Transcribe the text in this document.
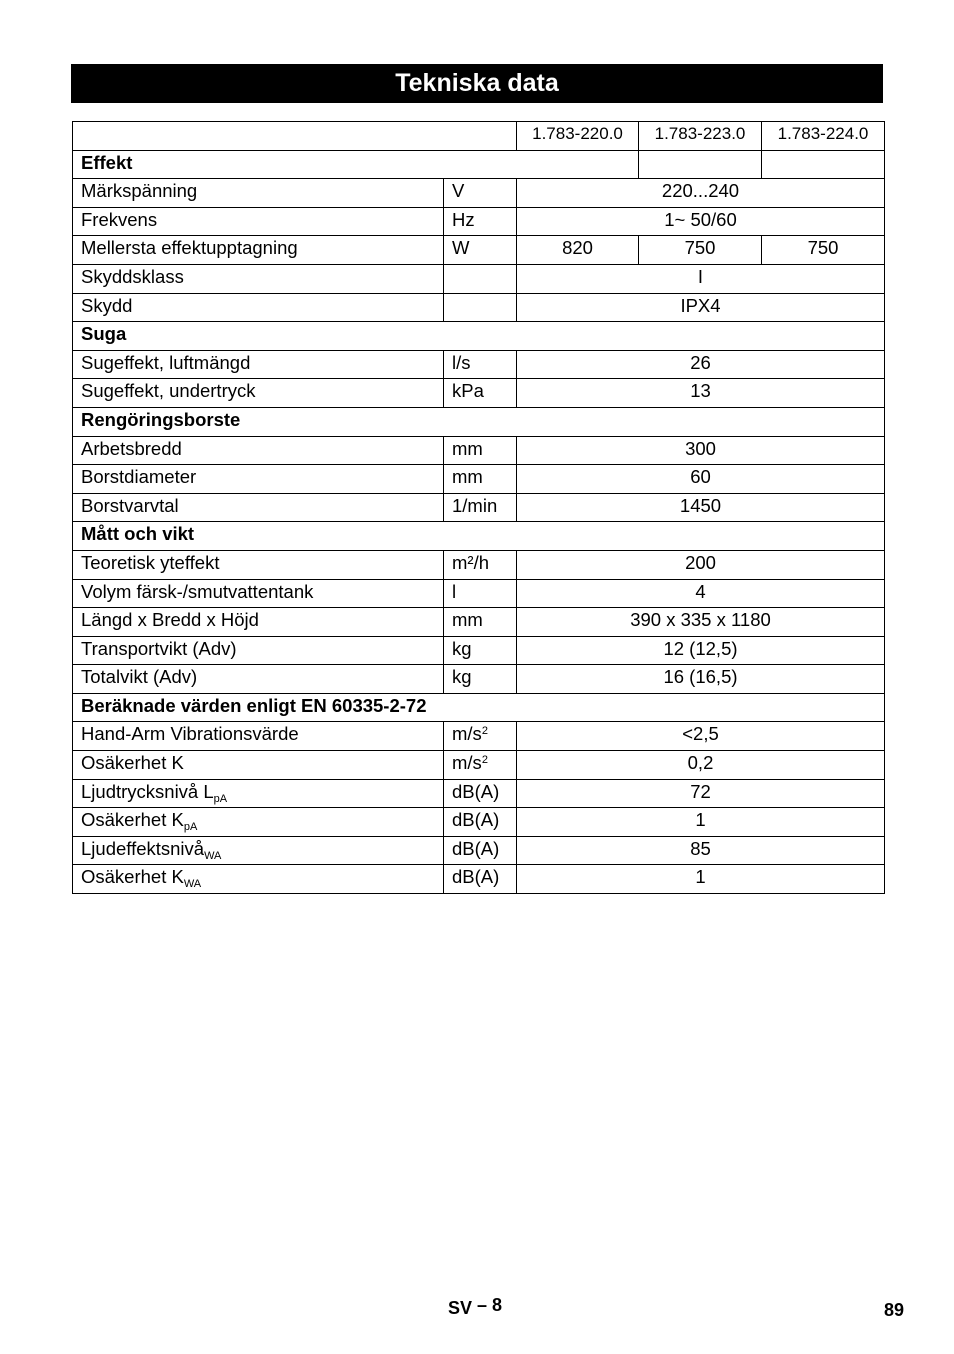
Tekniska data
		1.783-220.0	1.783-223.0	1.783-224.0
Effekt				
Märkspänning	V	220...240		
Frekvens	Hz	1~ 50/60		
Mellersta effektupptagning	W	820	750	750
Skyddsklass		I		
Skydd		IPX4		
Suga				
Sugeffekt, luftmängd	l/s	26		
Sugeffekt, undertryck	kPa	13		
Rengöringsborste				
Arbetsbredd	mm	300		
Borstdiameter	mm	60		
Borstvarvtal	1/min	1450		
Mått och vikt				
Teoretisk yteffekt	m²/h	200		
Volym färsk-/smutvattentank	l	4		
Längd x Bredd x Höjd	mm	390 x 335 x 1180		
Transportvikt (Adv)	kg	12 (12,5)		
Totalvikt (Adv)	kg	16 (16,5)		
Beräknade värden enligt EN 60335-2-72				
Hand-Arm Vibrationsvärde	$m/s^2$	<2,5		
Osäkerhet K	$m/s^2$	0,2		
Ljudtrycksnivå $L_{pA}$	dB(A)	72		
Osäkerhet $K_{pA}$	dB(A)	1		
Ljudeffektsnivå$_{WA}$	dB(A)	85		
Osäkerhet $K_{WA}$	dB(A)	1		
SV – 8	89
